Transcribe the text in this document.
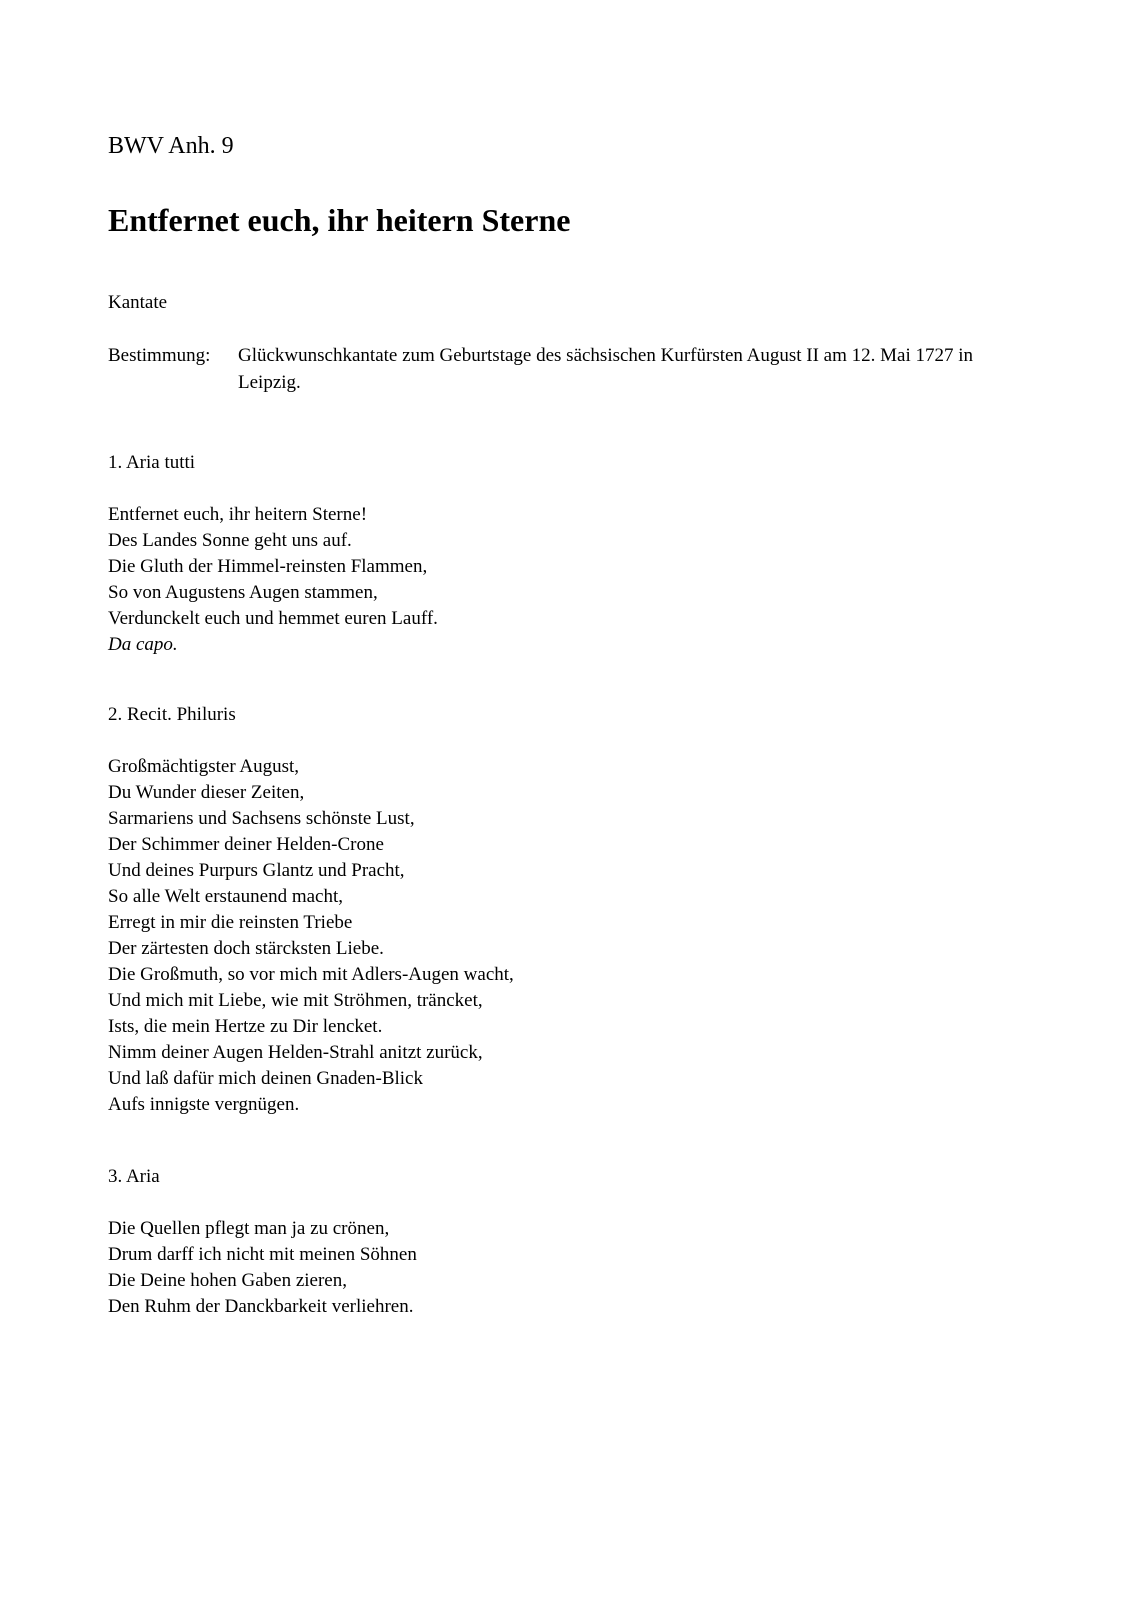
BWV Anh. 9
Entfernet euch, ihr heitern Sterne
Kantate
Bestimmung:	Glückwunschkantate zum Geburtstage des sächsischen Kurfürsten August II am 12. Mai 1727 in Leipzig.
1. Aria tutti
Entfernet euch, ihr heitern Sterne!
Des Landes Sonne geht uns auf.
Die Gluth der Himmel-reinsten Flammen,
So von Augustens Augen stammen,
Verdunckelt euch und hemmet euren Lauff.
Da capo.
2. Recit. Philuris
Großmächtigster August,
Du Wunder dieser Zeiten,
Sarmariens und Sachsens schönste Lust,
Der Schimmer deiner Helden-Crone
Und deines Purpurs Glantz und Pracht,
So alle Welt erstaunend macht,
Erregt in mir die reinsten Triebe
Der zärtesten doch stärcksten Liebe.
Die Großmuth, so vor mich mit Adlers-Augen wacht,
Und mich mit Liebe, wie mit Ströhmen, träncket,
Ists, die mein Hertze zu Dir lencket.
Nimm deiner Augen Helden-Strahl anitzt zurück,
Und laß dafür mich deinen Gnaden-Blick
Aufs innigste vergnügen.
3. Aria
Die Quellen pflegt man ja zu crönen,
Drum darff ich nicht mit meinen Söhnen
Die Deine hohen Gaben zieren,
Den Ruhm der Danckbarkeit verliehren.
